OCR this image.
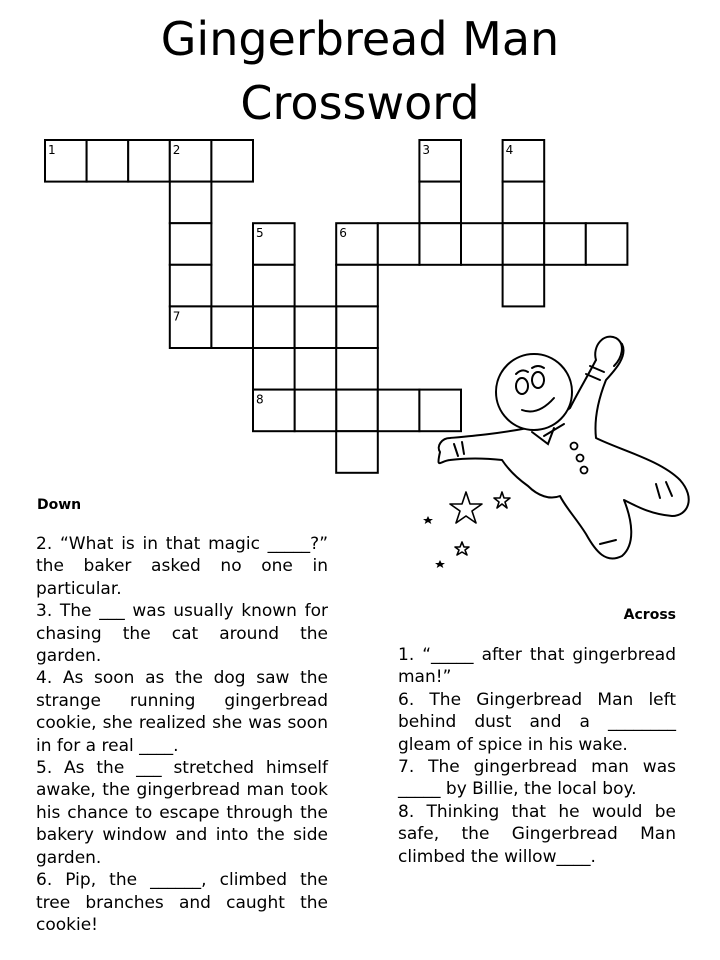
Gingerbread Man
Crossword
1	2
7
3	4
5	6
8
Down

2. “What is in that magic _____?” the baker asked no one in particular.

3. The ___ was usually known for chasing the cat around the garden.

4. As soon as the dog saw the strange running gingerbread cookie, she realized she was soon in for a real ____.

5. As the ___ stretched himself awake, the gingerbread man took his chance to escape through the bakery window and into the side garden.

6. Pip, the ______, climbed the tree branches and caught the cookie!

Across

1. “_____ after that gingerbread man!”

6. The Gingerbread Man left behind dust and a ________ gleam of spice in his wake.

7. The gingerbread man was _____ by Billie, the local boy.

8. Thinking that he would be safe, the Gingerbread Man climbed the willow____.
